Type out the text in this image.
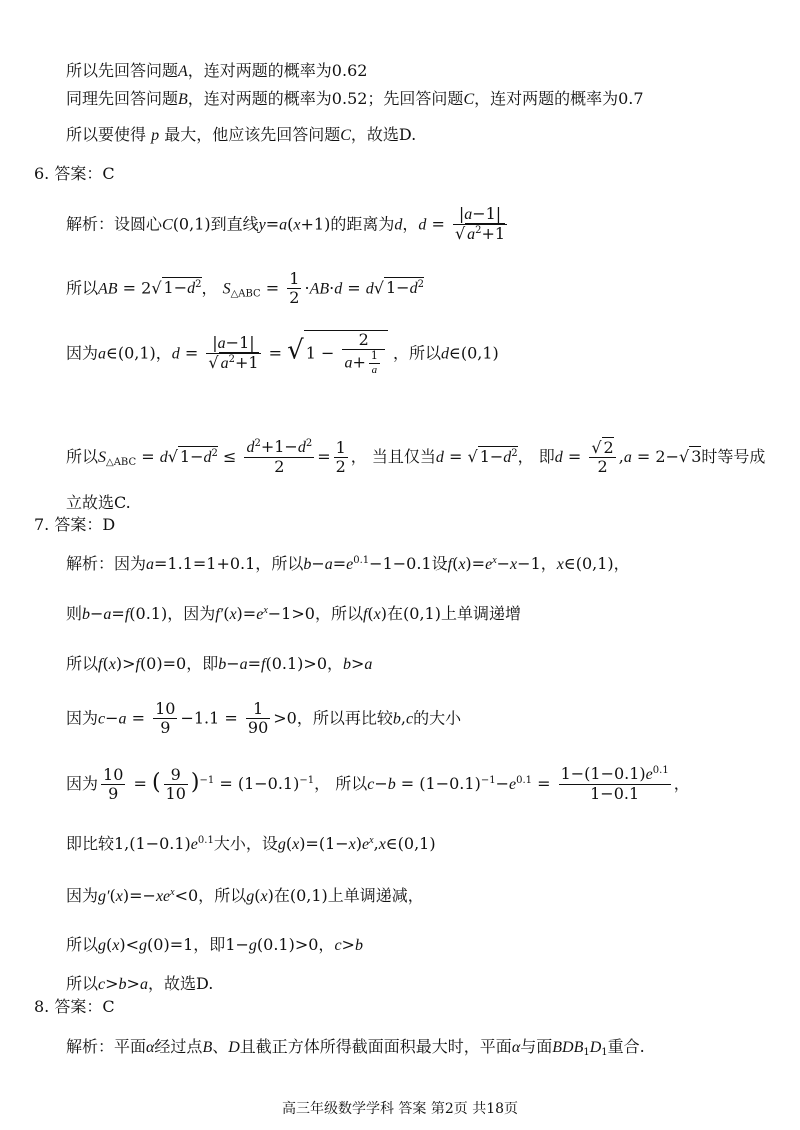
所以先回答问题A，连对两题的概率为0.62
同理先回答问题B，连对两题的概率为0.52；先回答问题C，连对两题的概率为0.7
所以要使得 p 最大，他应该先回答问题C，故选D.
6. 答案：C
解析：设圆心C(0,1)到直线y=a(x+1)的距离为d，$d = \frac{|a-1|}{√ a^2+1}$
所以AB = 2√ $1-d^2$， $S_{\triangle ABC} = \frac{1}{2} \cdot AB\cdot d = d√$ $1-d^2$
因为a∈(0,1)，$d = \frac{|a-1|}{√ a^2+1}$ = √ $1 - \frac{2}{a+ \frac{1}{a}}$ ，所以d∈(0,1)
所以$S_{\triangle ABC} = d√$ $1-d^2 \le \frac{d^2+1-d^2}{2} = \frac{1}{2}$ ， 当且仅当d = √ $1-d^2$， 即$d = \frac{√ 2}{2} ,a = 2-√$ 3时等号成
立故选C.
7. 答案：D
解析：因为a=1.1=1+0.1，所以$b-a=e^{0.1}-1-0.1$设$f(x)=e^x-x-1$，x∈(0,1)，
则b−a=f(0.1)，因为$f'(x)=e^x-1>0$，所以f(x)在(0,1)上单调递增
所以f(x)>f(0)=0，即b−a=f(0.1)>0，b>a
因为$c-a = \frac{10}{9} -1.1 = \frac{1}{90} >0$，所以再比较b,c的大小
因为 $\frac{10}{9}$ = ( $\frac{9}{10} )^{-1} = (1-0.1)^{-1}$， 所以$c-b = (1-0.1)^{-1}-e^{0.1} = \frac{1-(1-0.1)e^{0.1}}{1-0.1}$ ，
即比较$1,(1-0.1)e^{0.1}$大小，设$g(x)=(1-x)e^x,x\in(0,1)$
因为$g'(x)=-xe^x<0$，所以g(x)在(0,1)上单调递减，
所以g(x)<g(0)=1，即1−g(0.1)>0，c>b
所以c>b>a，故选D.
8. 答案：C
解析：平面α经过点B、D且截正方体所得截面面积最大时，平面α与面$BDB_1D_1$重合.
高三年级数学学科 答案 第2页 共18页
